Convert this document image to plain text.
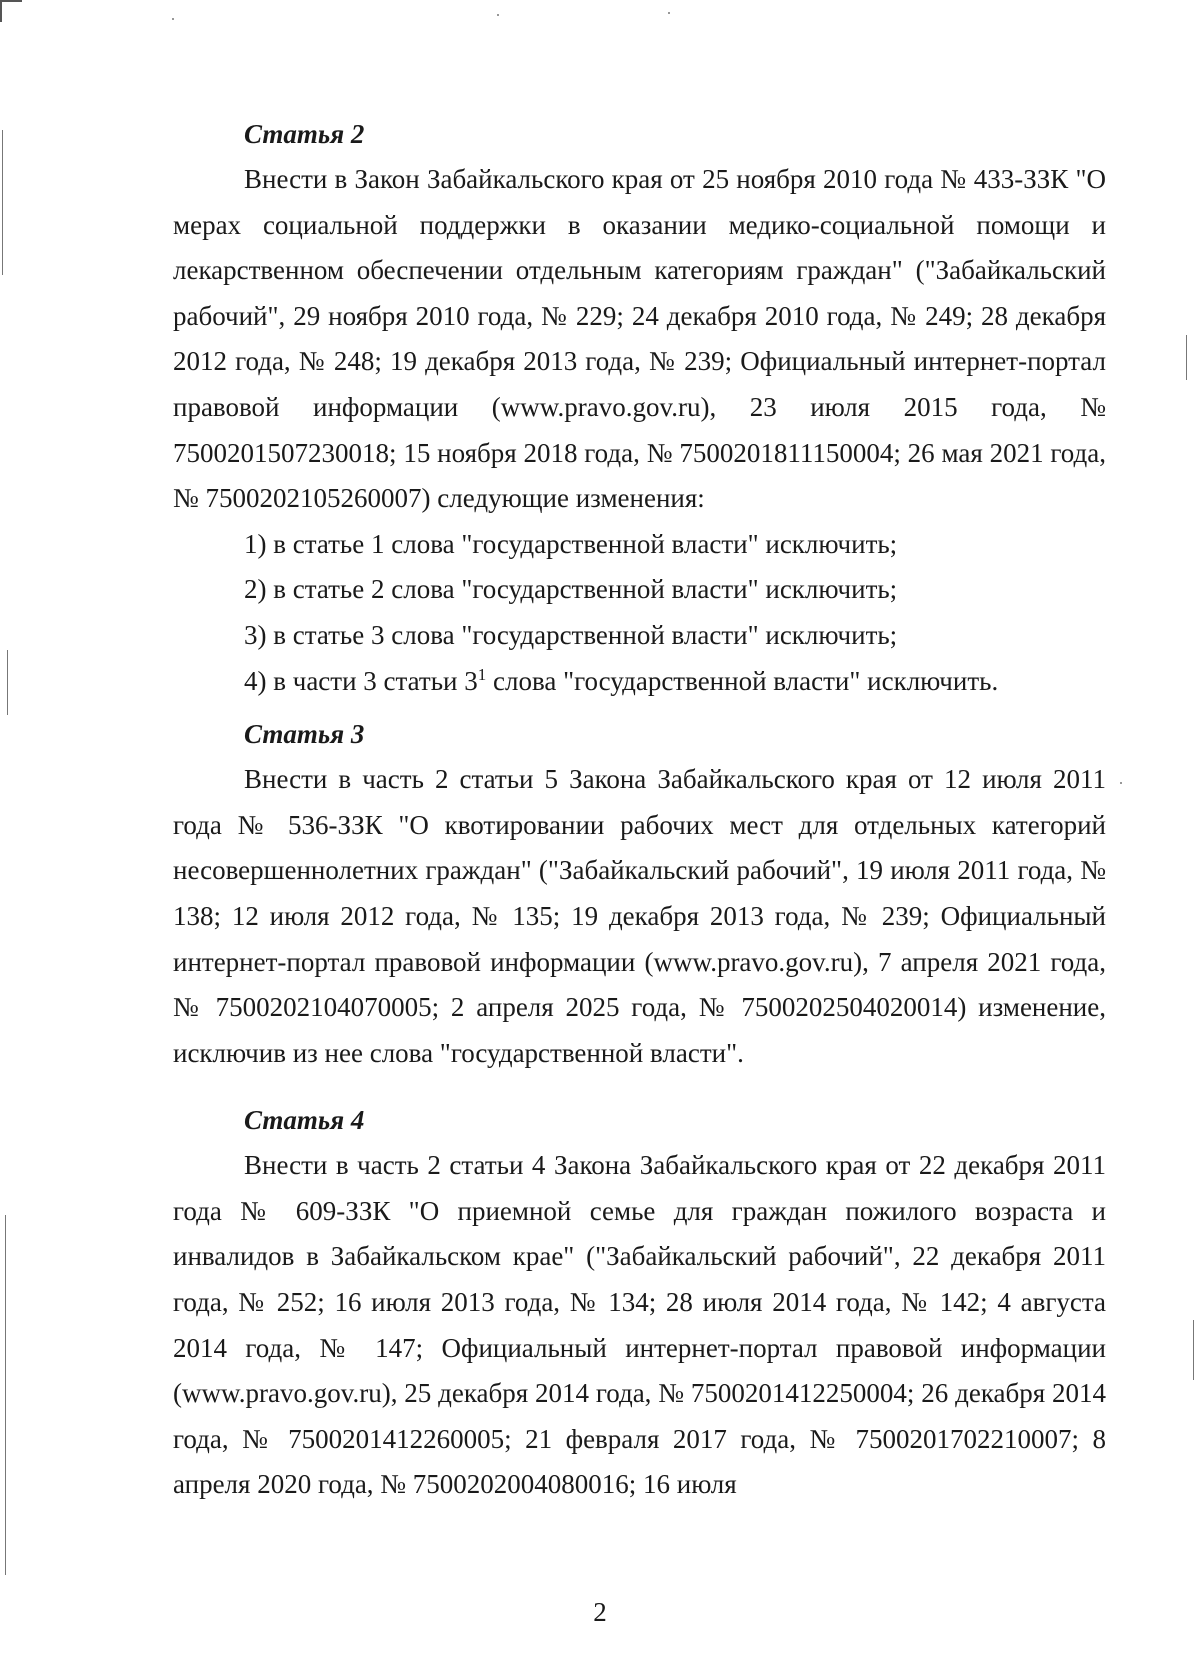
Статья 2

Внести в Закон Забайкальского края от 25 ноября 2010 года № 433-ЗЗК "О мерах социальной поддержки в оказании медико-социальной помощи и лекарственном обеспечении отдельным категориям граждан" ("Забайкальский рабочий", 29 ноября 2010 года, № 229; 24 декабря 2010 года, № 249; 28 декабря 2012 года, № 248; 19 декабря 2013 года, № 239; Официальный интернет-портал правовой информации (www.pravo.gov.ru), 23 июля 2015 года, № 7500201507230018; 15 ноября 2018 года, № 7500201811150004; 26 мая 2021 года, № 7500202105260007) следующие изменения:

1) в статье 1 слова "государственной власти" исключить;

2) в статье 2 слова "государственной власти" исключить;

3) в статье 3 слова "государственной власти" исключить;

4) в части 3 статьи $3^1$ слова "государственной власти" исключить.

Статья 3

Внести в часть 2 статьи 5 Закона Забайкальского края от 12 июля 2011 года № 536-ЗЗК "О квотировании рабочих мест для отдельных категорий несовершеннолетних граждан" ("Забайкальский рабочий", 19 июля 2011 года, № 138; 12 июля 2012 года, № 135; 19 декабря 2013 года, № 239; Официальный интернет-портал правовой информации (www.pravo.gov.ru), 7 апреля 2021 года, № 7500202104070005; 2 апреля 2025 года, № 7500202504020014) изменение, исключив из нее слова "государственной власти".

Статья 4

Внести в часть 2 статьи 4 Закона Забайкальского края от 22 декабря 2011 года № 609-ЗЗК "О приемной семье для граждан пожилого возраста и инвалидов в Забайкальском крае" ("Забайкальский рабочий", 22 декабря 2011 года, № 252; 16 июля 2013 года, № 134; 28 июля 2014 года, № 142; 4 августа 2014 года, № 147; Официальный интернет-портал правовой информации (www.pravo.gov.ru), 25 декабря 2014 года, № 7500201412250004; 26 декабря 2014 года, № 7500201412260005; 21 февраля 2017 года, № 7500201702210007; 8 апреля 2020 года, № 7500202004080016; 16 июля

2
